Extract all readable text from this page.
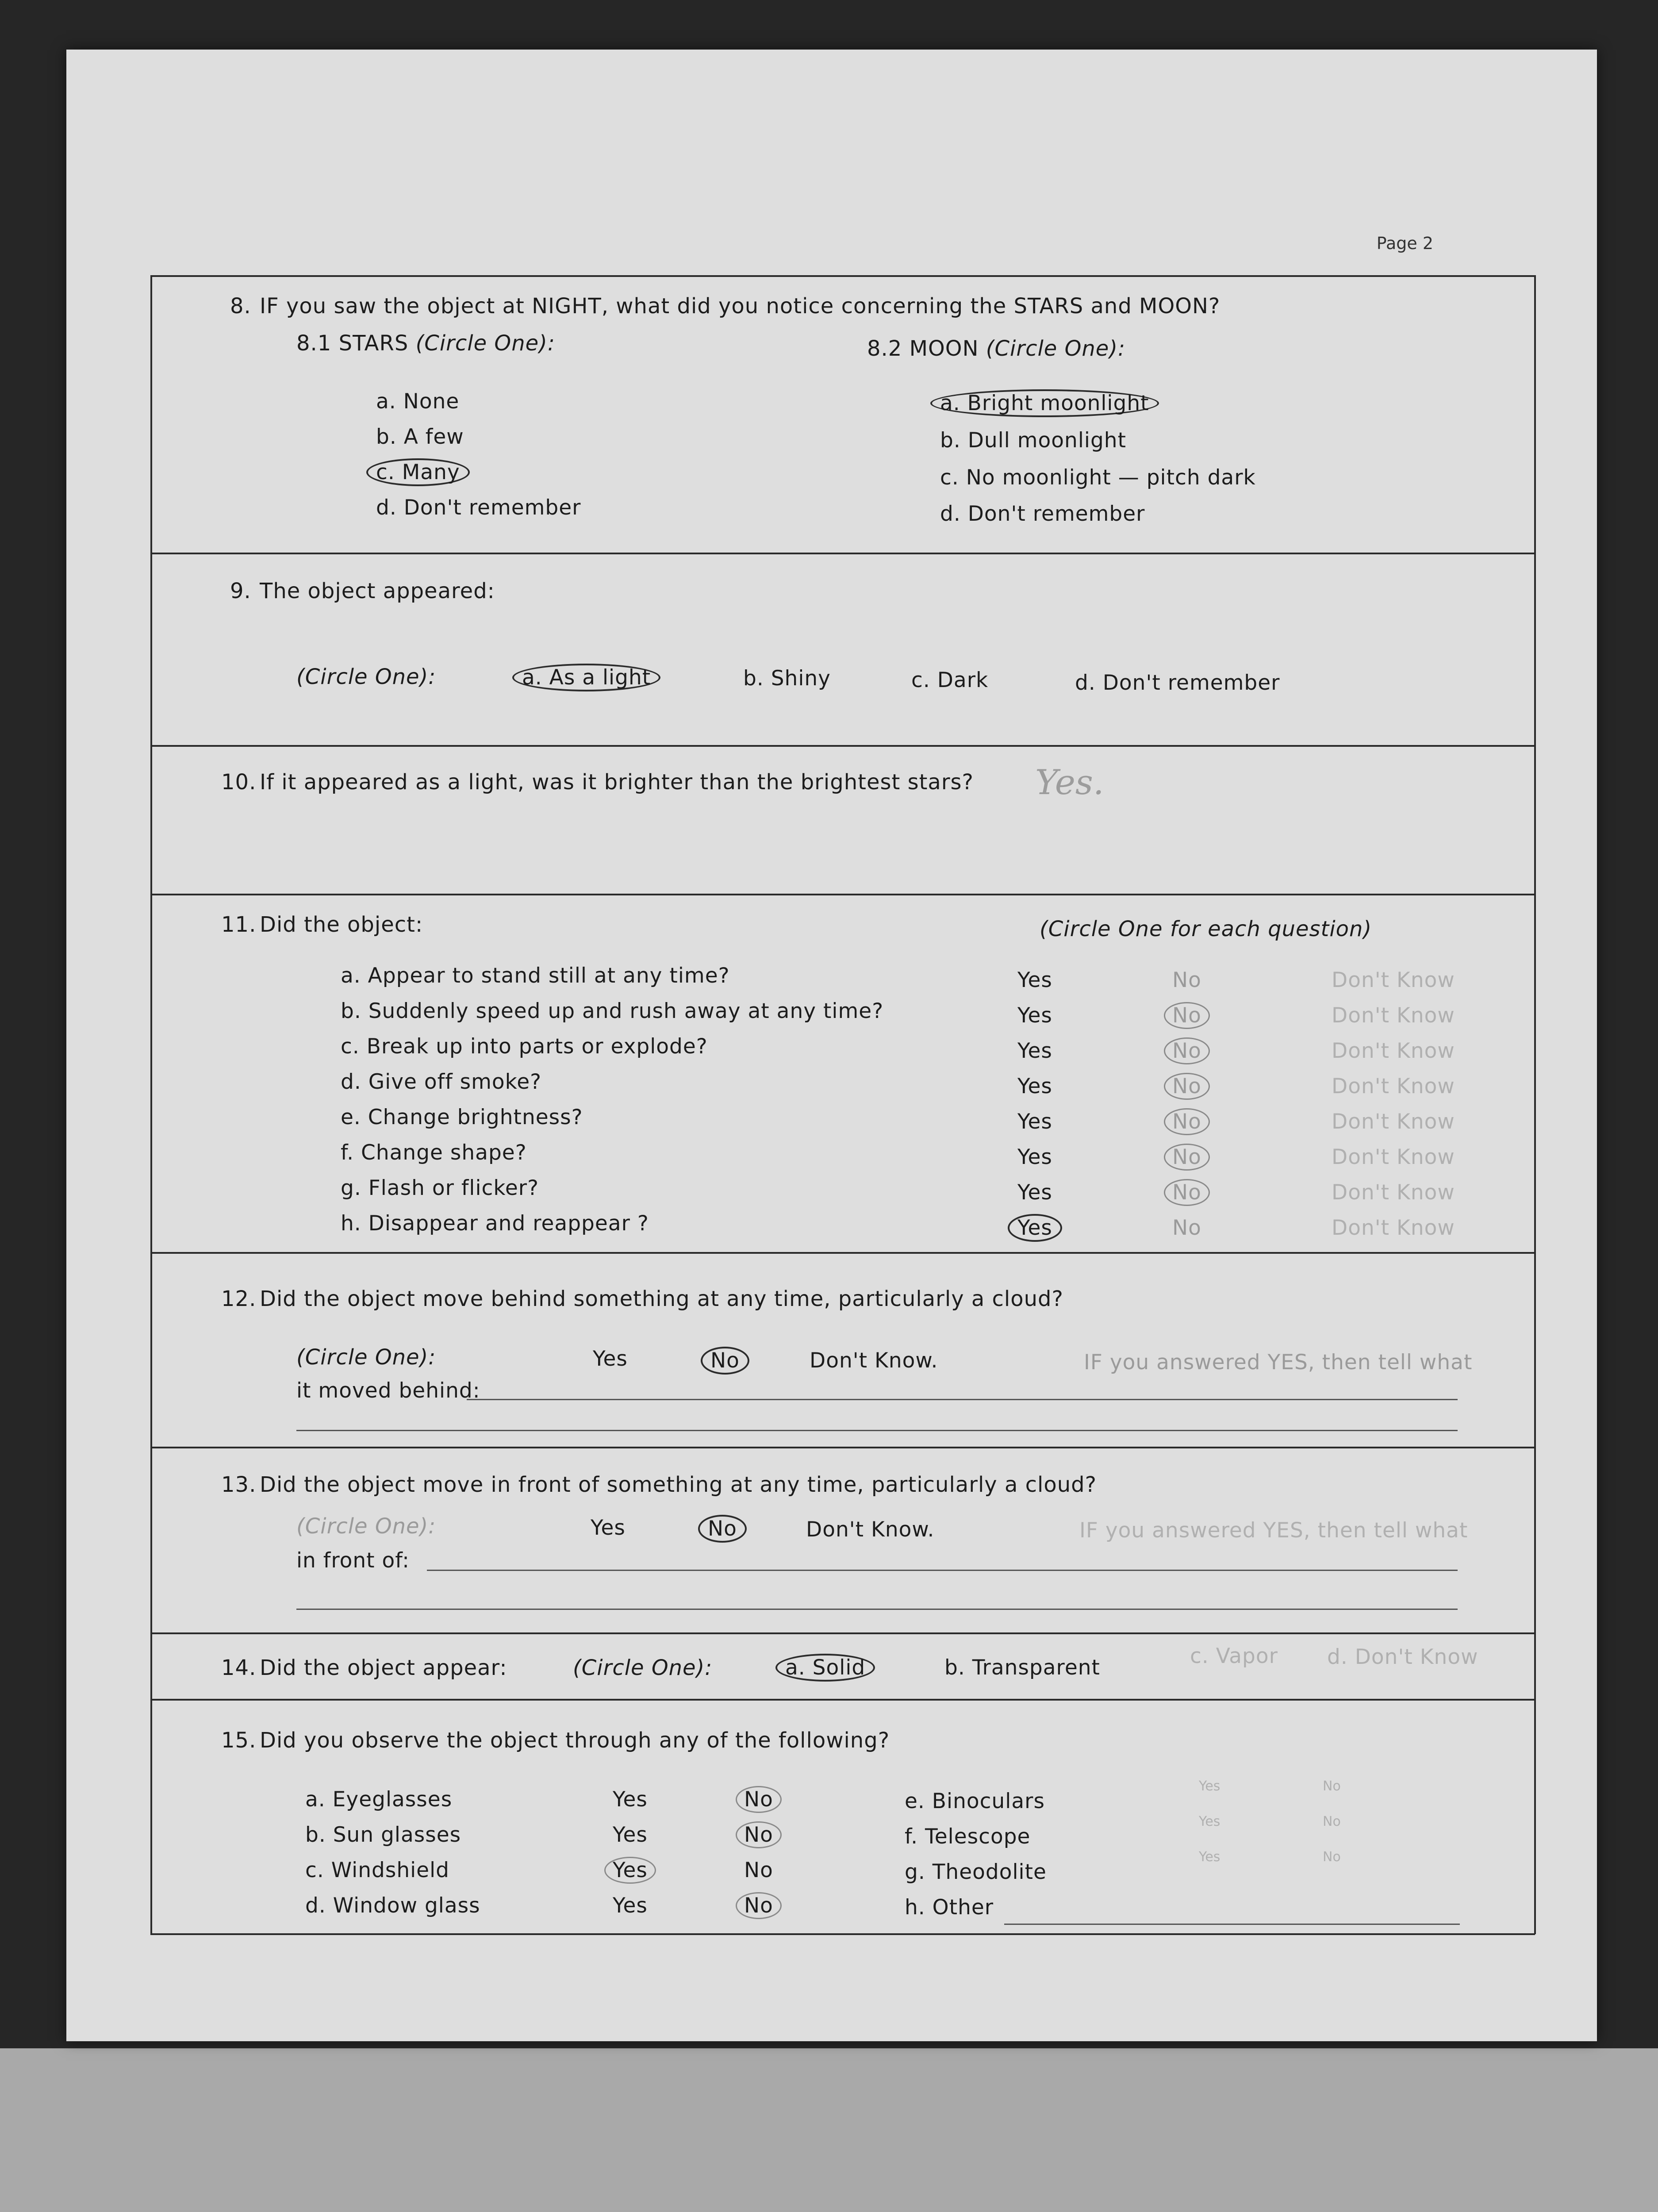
Page 2
8. IF you saw the object at NIGHT, what did you notice concerning the STARS and MOON?
8.1 STARS (Circle One):	8.2 MOON (Circle One):
a. None
b. A few
c. Many
d. Don't remember
a. Bright moonlight
b. Dull moonlight
c. No moonlight — pitch dark
d. Don't remember
9. The object appeared:
(Circle One):	a. As a light	b. Shiny	c. Dark	d. Don't remember
10. If it appeared as a light, was it brighter than the brightest stars? Yes.
11. Did the object:	(Circle One for each question)
a. Appear to stand still at any time?	Yes	No	Don't Know
b. Suddenly speed up and rush away at any time?	Yes	No	Don't Know
c. Break up into parts or explode?	Yes	No	Don't Know
d. Give off smoke?	Yes	No	Don't Know
e. Change brightness?	Yes	No	Don't Know
f. Change shape?	Yes	No	Don't Know
g. Flash or flicker?	Yes	No	Don't Know
h. Disappear and reappear ?	Yes	No	Don't Know
12. Did the object move behind something at any time, particularly a cloud?
(Circle One):	Yes	No	Don't Know.	IF you answered YES, then tell what
it moved behind:
13. Did the object move in front of something at any time, particularly a cloud?
(Circle One):	Yes	No	Don't Know.	IF you answered YES, then tell what
in front of:
14. Did the object appear:	(Circle One):	a. Solid	b. Transparent	c. Vapor d. Don't Know
15. Did you observe the object through any of the following?
a. Eyeglasses	Yes	No
b. Sun glasses	Yes	No
c. Windshield	Yes	No
d. Window glass	Yes	No
e. Binoculars
Yes	No
f. Telescope
Yes	No
g. Theodolite
Yes	No
h. Other
